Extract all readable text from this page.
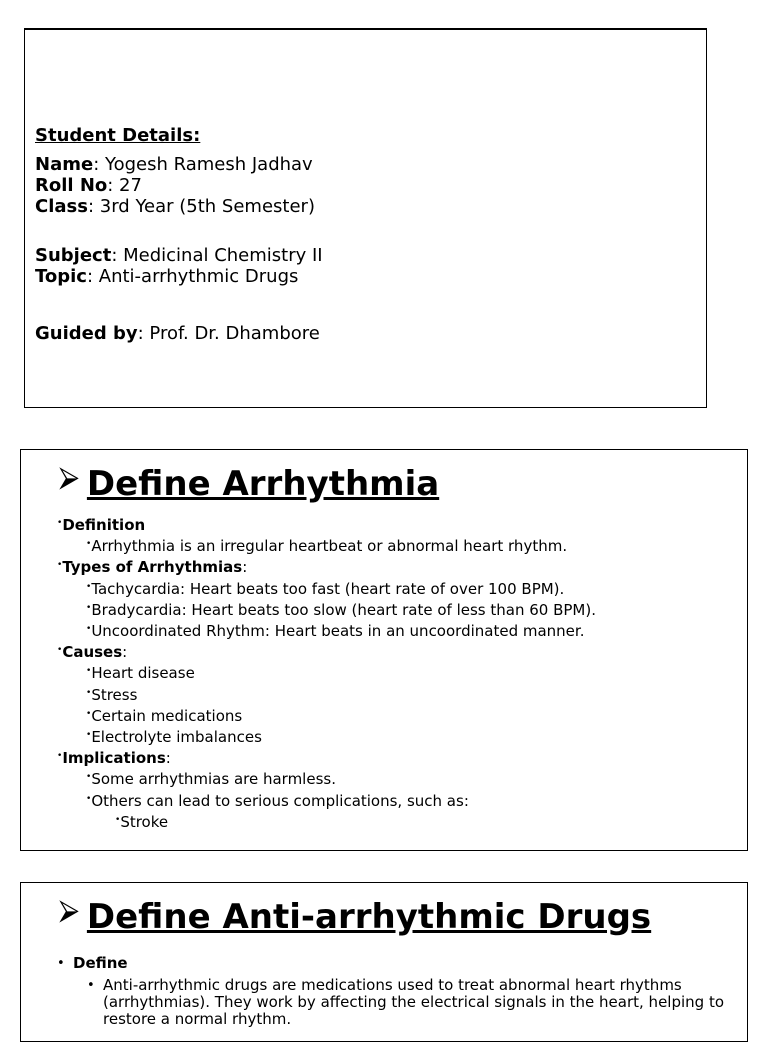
Student Details:
Name: Yogesh Ramesh Jadhav
Roll No: 27
Class: 3rd Year (5th Semester)
Subject: Medicinal Chemistry II
Topic: Anti-arrhythmic Drugs
Guided by: Prof. Dr. Dhambore
⮚ Define Arrhythmia
•Definition
•Arrhythmia is an irregular heartbeat or abnormal heart rhythm.
•Types of Arrhythmias:
•Tachycardia: Heart beats too fast (heart rate of over 100 BPM).
•Bradycardia: Heart beats too slow (heart rate of less than 60 BPM).
•Uncoordinated Rhythm: Heart beats in an uncoordinated manner.
•Causes:
•Heart disease
•Stress
•Certain medications
•Electrolyte imbalances
•Implications:
•Some arrhythmias are harmless.
•Others can lead to serious complications, such as:
•Stroke
⮚ Define Anti-arrhythmic Drugs
• Define
• Anti-arrhythmic drugs are medications used to treat abnormal heart rhythms (arrhythmias). They work by affecting the electrical signals in the heart, helping to restore a normal rhythm.
